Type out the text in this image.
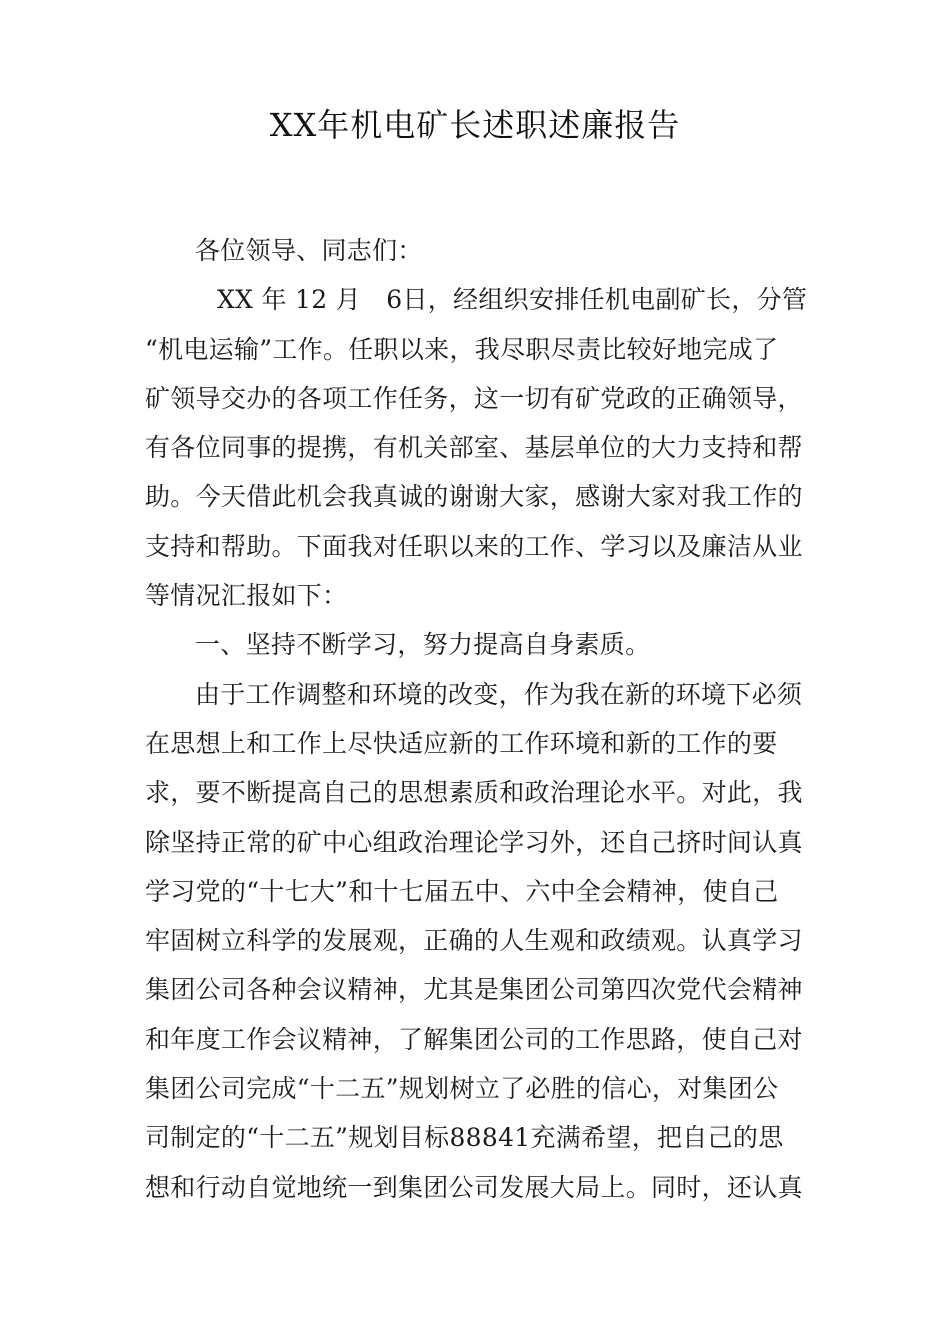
XX年机电矿长述职述廉报告
各位领导、同志们：
XX 年 12 月　6日，经组织安排任机电副矿长，分管
“机电运输”工作。任职以来，我尽职尽责比较好地完成了
矿领导交办的各项工作任务，这一切有矿党政的正确领导，
有各位同事的提携，有机关部室、基层单位的大力支持和帮
助。今天借此机会我真诚的谢谢大家，感谢大家对我工作的
支持和帮助。下面我对任职以来的工作、学习以及廉洁从业
等情况汇报如下：
一、坚持不断学习，努力提高自身素质。
由于工作调整和环境的改变，作为我在新的环境下必须
在思想上和工作上尽快适应新的工作环境和新的工作的要
求，要不断提高自己的思想素质和政治理论水平。对此，我
除坚持正常的矿中心组政治理论学习外，还自己挤时间认真
学习党的“十七大”和十七届五中、六中全会精神，使自己
牢固树立科学的发展观，正确的人生观和政绩观。认真学习
集团公司各种会议精神，尤其是集团公司第四次党代会精神
和年度工作会议精神，了解集团公司的工作思路，使自己对
集团公司完成“十二五”规划树立了必胜的信心，对集团公
司制定的“十二五”规划目标88841充满希望，把自己的思
想和行动自觉地统一到集团公司发展大局上。同时，还认真
